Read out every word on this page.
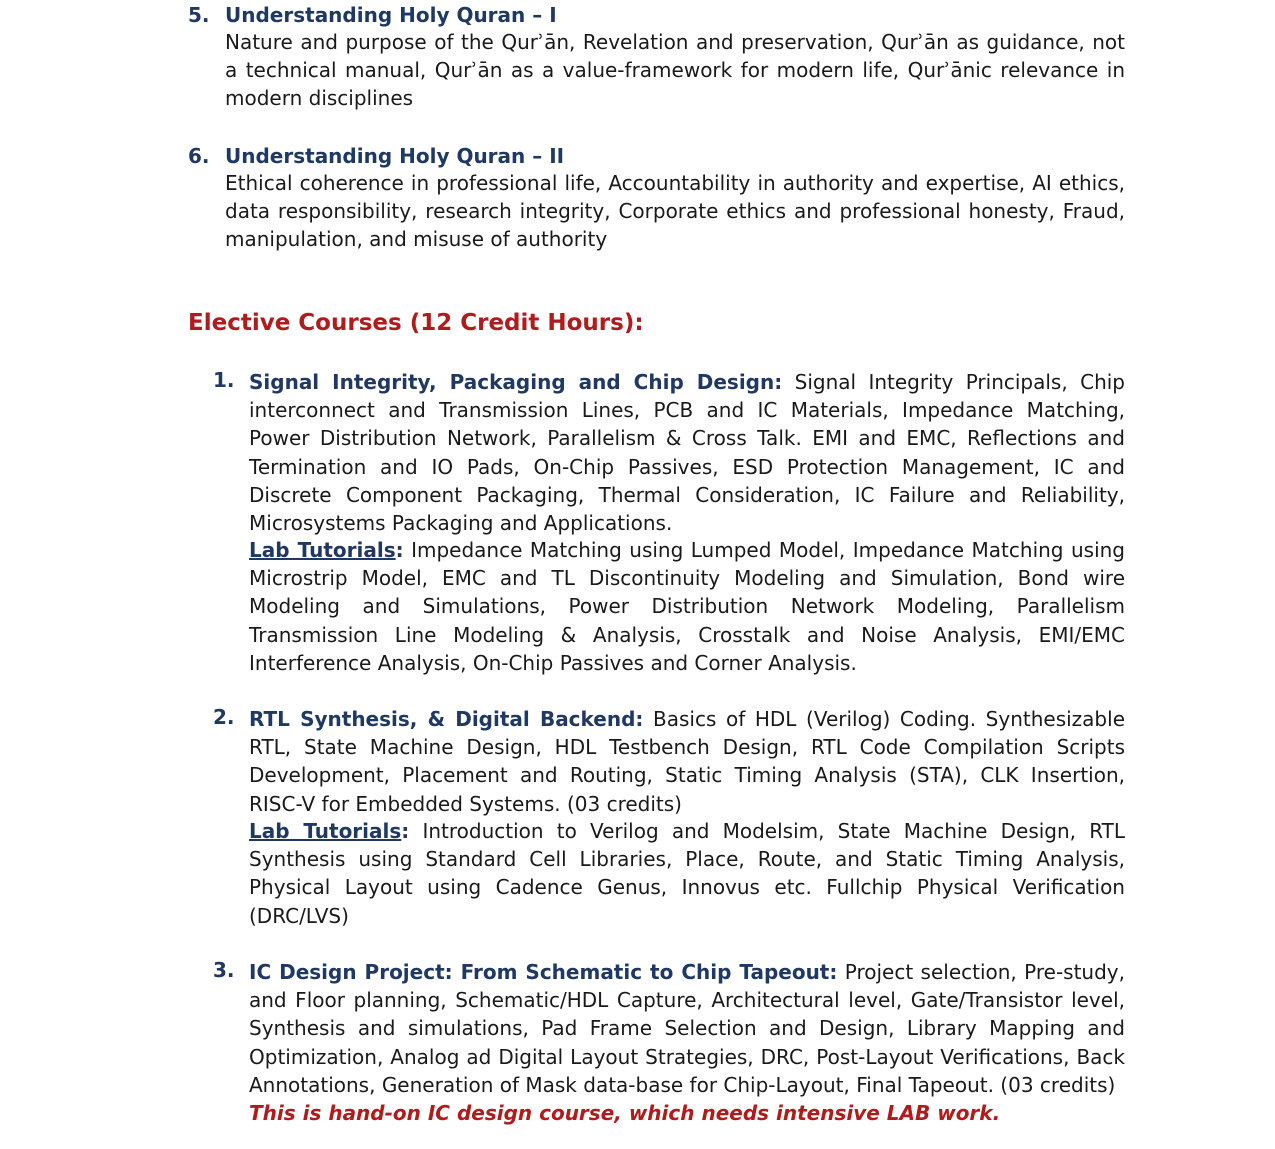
5. Understanding Holy Quran – I
Nature and purpose of the Qurʾān, Revelation and preservation, Qurʾān as guidance, not a technical manual, Qurʾān as a value-framework for modern life, Qurʾānic relevance in modern disciplines
6. Understanding Holy Quran – II
Ethical coherence in professional life, Accountability in authority and expertise, AI ethics, data responsibility, research integrity, Corporate ethics and professional honesty, Fraud, manipulation, and misuse of authority
Elective Courses (12 Credit Hours):
1. Signal Integrity, Packaging and Chip Design: Signal Integrity Principals, Chip interconnect and Transmission Lines, PCB and IC Materials, Impedance Matching, Power Distribution Network, Parallelism & Cross Talk. EMI and EMC, Reflections and Termination and IO Pads, On-Chip Passives, ESD Protection Management, IC and Discrete Component Packaging, Thermal Consideration, IC Failure and Reliability, Microsystems Packaging and Applications.
Lab Tutorials: Impedance Matching using Lumped Model, Impedance Matching using Microstrip Model, EMC and TL Discontinuity Modeling and Simulation, Bond wire Modeling and Simulations, Power Distribution Network Modeling, Parallelism Transmission Line Modeling & Analysis, Crosstalk and Noise Analysis, EMI/EMC Interference Analysis, On-Chip Passives and Corner Analysis.
2. RTL Synthesis, & Digital Backend: Basics of HDL (Verilog) Coding. Synthesizable RTL, State Machine Design, HDL Testbench Design, RTL Code Compilation Scripts Development, Placement and Routing, Static Timing Analysis (STA), CLK Insertion, RISC-V for Embedded Systems. (03 credits)
Lab Tutorials: Introduction to Verilog and Modelsim, State Machine Design, RTL Synthesis using Standard Cell Libraries, Place, Route, and Static Timing Analysis, Physical Layout using Cadence Genus, Innovus etc. Fullchip Physical Verification (DRC/LVS)
3. IC Design Project: From Schematic to Chip Tapeout: Project selection, Pre-study, and Floor planning, Schematic/HDL Capture, Architectural level, Gate/Transistor level, Synthesis and simulations, Pad Frame Selection and Design, Library Mapping and Optimization, Analog ad Digital Layout Strategies, DRC, Post-Layout Verifications, Back Annotations, Generation of Mask data-base for Chip-Layout, Final Tapeout. (03 credits)
This is hand-on IC design course, which needs intensive LAB work.
